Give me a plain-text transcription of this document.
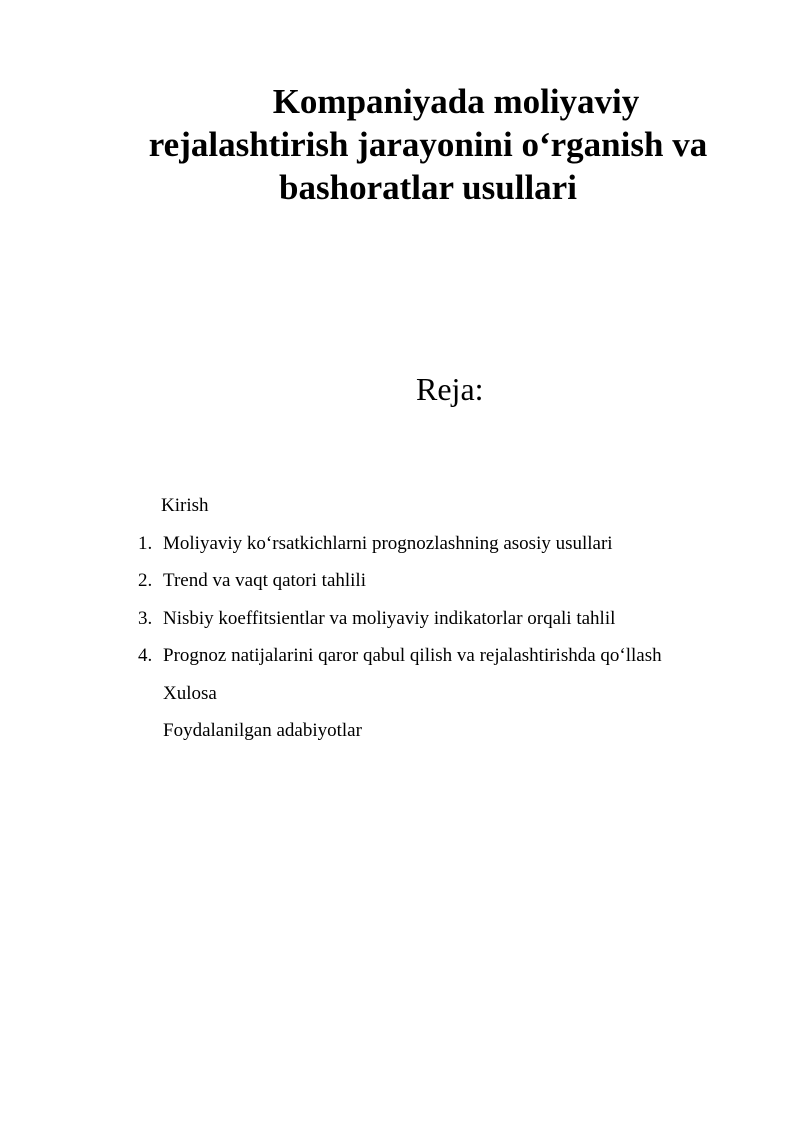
Kompaniyada moliyaviy
rejalashtirish jarayonini o‘rganish va
bashoratlar usullari
Reja:
Kirish
1. Moliyaviy ko‘rsatkichlarni prognozlashning asosiy usullari
2. Trend va vaqt qatori tahlili
3. Nisbiy koeffitsientlar va moliyaviy indikatorlar orqali tahlil
4. Prognoz natijalarini qaror qabul qilish va rejalashtirishda qo‘llash
Xulosa
Foydalanilgan adabiyotlar
